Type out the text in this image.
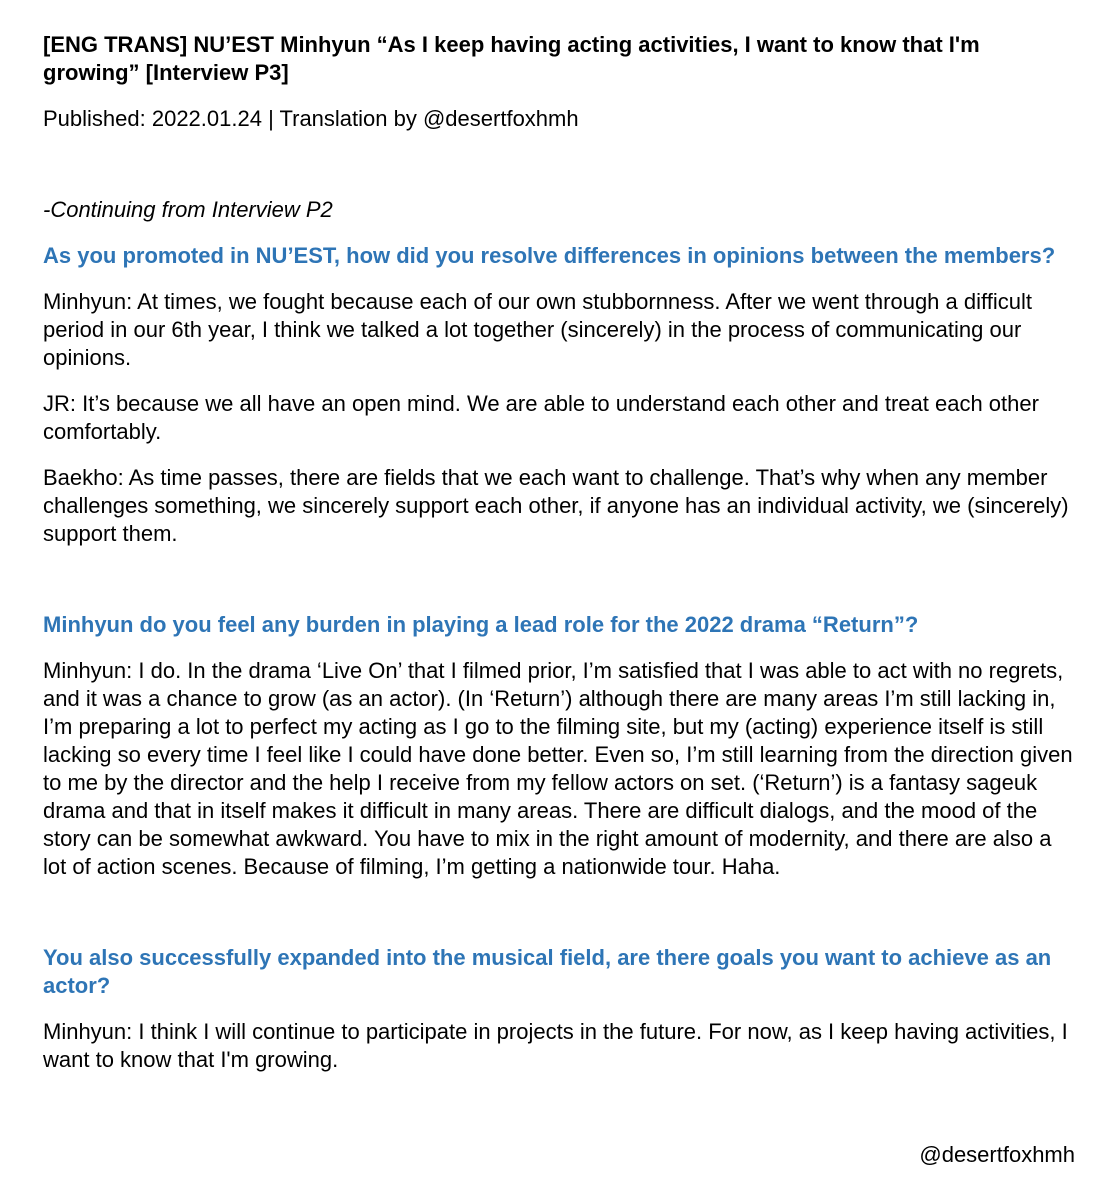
[ENG TRANS] NU’EST Minhyun “As I keep having acting activities, I want to know that I'm growing” [Interview P3]

Published: 2022.01.24 | Translation by @desertfoxhmh

-Continuing from Interview P2

As you promoted in NU’EST, how did you resolve differences in opinions between the members?

Minhyun: At times, we fought because each of our own stubbornness. After we went through a difficult period in our 6th year, I think we talked a lot together (sincerely) in the process of communicating our opinions.

JR: It’s because we all have an open mind. We are able to understand each other and treat each other comfortably.

Baekho: As time passes, there are fields that we each want to challenge. That’s why when any member challenges something, we sincerely support each other, if anyone has an individual activity, we (sincerely) support them.

Minhyun do you feel any burden in playing a lead role for the 2022 drama “Return”?

Minhyun: I do. In the drama ‘Live On’ that I filmed prior, I’m satisfied that I was able to act with no regrets, and it was a chance to grow (as an actor). (In ‘Return’) although there are many areas I’m still lacking in, I’m preparing a lot to perfect my acting as I go to the filming site, but my (acting) experience itself is still lacking so every time I feel like I could have done better. Even so, I’m still learning from the direction given to me by the director and the help I receive from my fellow actors on set. (‘Return’) is a fantasy sageuk drama and that in itself makes it difficult in many areas. There are difficult dialogs, and the mood of the story can be somewhat awkward. You have to mix in the right amount of modernity, and there are also a lot of action scenes. Because of filming, I’m getting a nationwide tour. Haha.

You also successfully expanded into the musical field, are there goals you want to achieve as an actor?

Minhyun: I think I will continue to participate in projects in the future. For now, as I keep having activities, I want to know that I'm growing.

@desertfoxhmh
